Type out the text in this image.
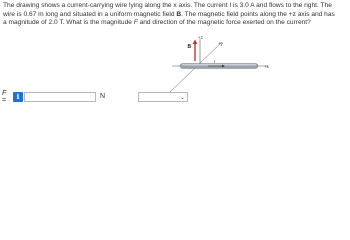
The drawing shows a current-carrying wire lying along the x axis. The current I is 3.0 A and flows to the right. The wire is 0.67 m long and situated in a uniform magnetic field B. The magnetic field points along the +z axis and has a magnitude of 2.0 T. What is the magnitude F and direction of the magnetic force exerted on the current?
+z
+y
+x
I
B
F =	i	N	⌄
